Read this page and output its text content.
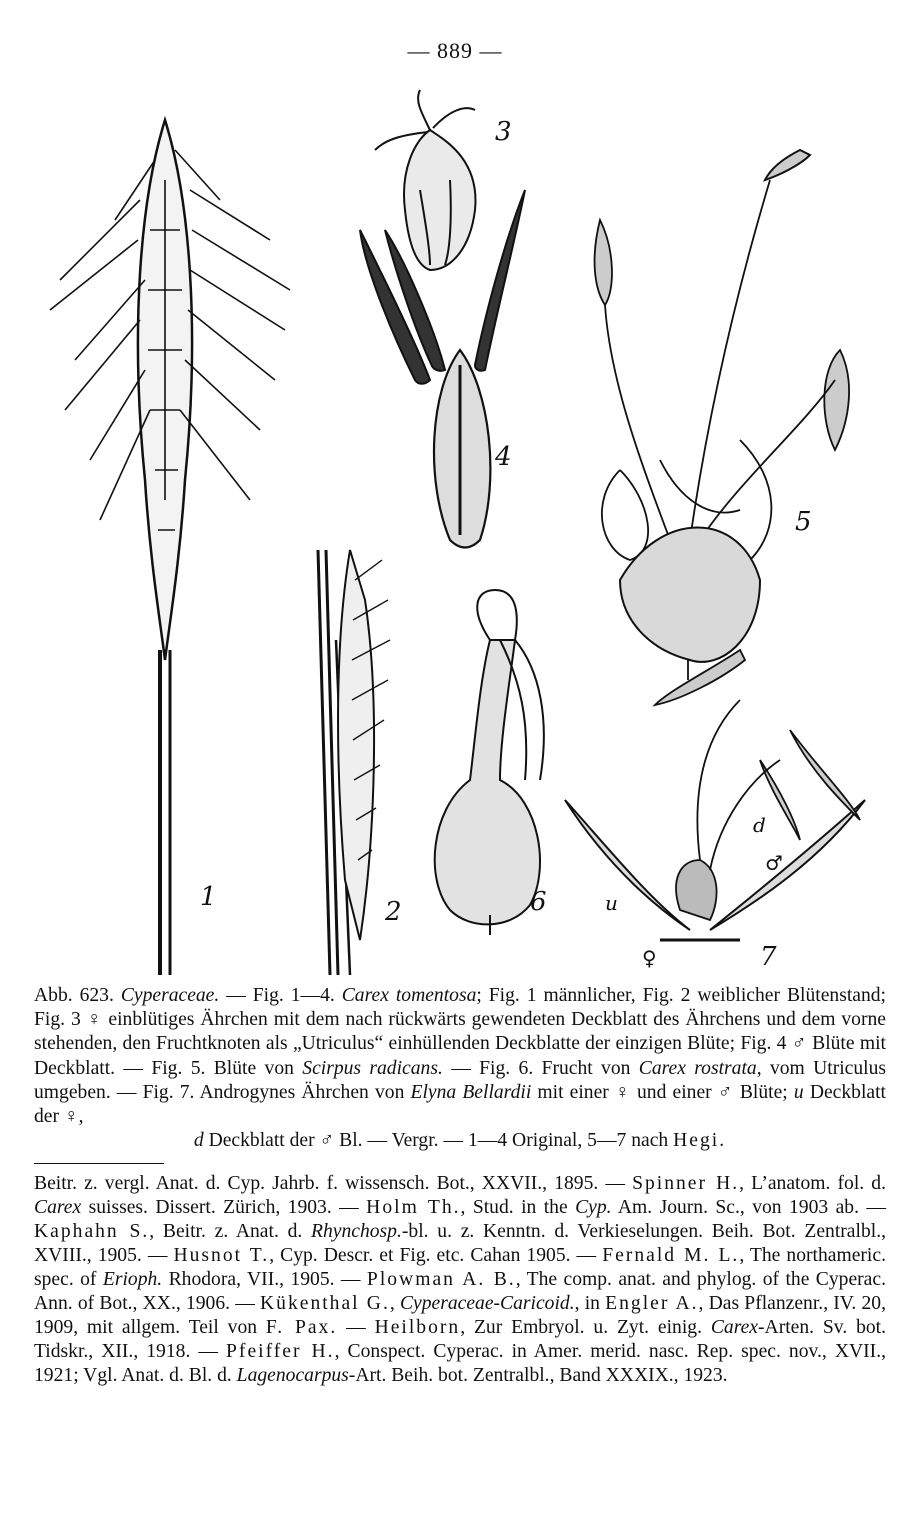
— 889 —
1	2
3
4
5
6
7
d
♂
u
♀
Abb. 623. Cyperaceae. — Fig. 1—4. Carex tomentosa; Fig. 1 männlicher, Fig. 2 weiblicher Blütenstand; Fig. 3 ♀ einblütiges Ährchen mit dem nach rückwärts gewendeten Deckblatt des Ährchens und dem vorne stehenden, den Fruchtknoten als „Utriculus“ einhüllenden Deckblatte der einzigen Blüte; Fig. 4 ♂ Blüte mit Deckblatt. — Fig. 5. Blüte von Scirpus radicans. — Fig. 6. Frucht von Carex rostrata, vom Utriculus umgeben. — Fig. 7. Androgynes Ährchen von Elyna Bellardii mit einer ♀ und einer ♂ Blüte; u Deckblatt der ♀,
d Deckblatt der ♂ Bl. — Vergr. — 1—4 Original, 5—7 nach Hegi.
Beitr. z. vergl. Anat. d. Cyp. Jahrb. f. wissensch. Bot., XXVII., 1895. — Spinner H., L’anatom. fol. d. Carex suisses. Dissert. Zürich, 1903. — Holm Th., Stud. in the Cyp. Am. Journ. Sc., von 1903 ab. — Kaphahn S., Beitr. z. Anat. d. Rhynchosp.-bl. u. z. Kenntn. d. Verkieselungen. Beih. Bot. Zentralbl., XVIII., 1905. — Husnot T., Cyp. Descr. et Fig. etc. Cahan 1905. — Fernald M. L., The northameric. spec. of Erioph. Rhodora, VII., 1905. — Plowman A. B., The comp. anat. and phylog. of the Cyperac. Ann. of Bot., XX., 1906. — Kükenthal G., Cyperaceae-Caricoid., in Engler A., Das Pflanzenr., IV. 20, 1909, mit allgem. Teil von F. Pax. — Heilborn, Zur Embryol. u. Zyt. einig. Carex-Arten. Sv. bot. Tidskr., XII., 1918. — Pfeiffer H., Conspect. Cyperac. in Amer. merid. nasc. Rep. spec. nov., XVII., 1921; Vgl. Anat. d. Bl. d. Lagenocarpus-Art. Beih. bot. Zentralbl., Band XXXIX., 1923.
